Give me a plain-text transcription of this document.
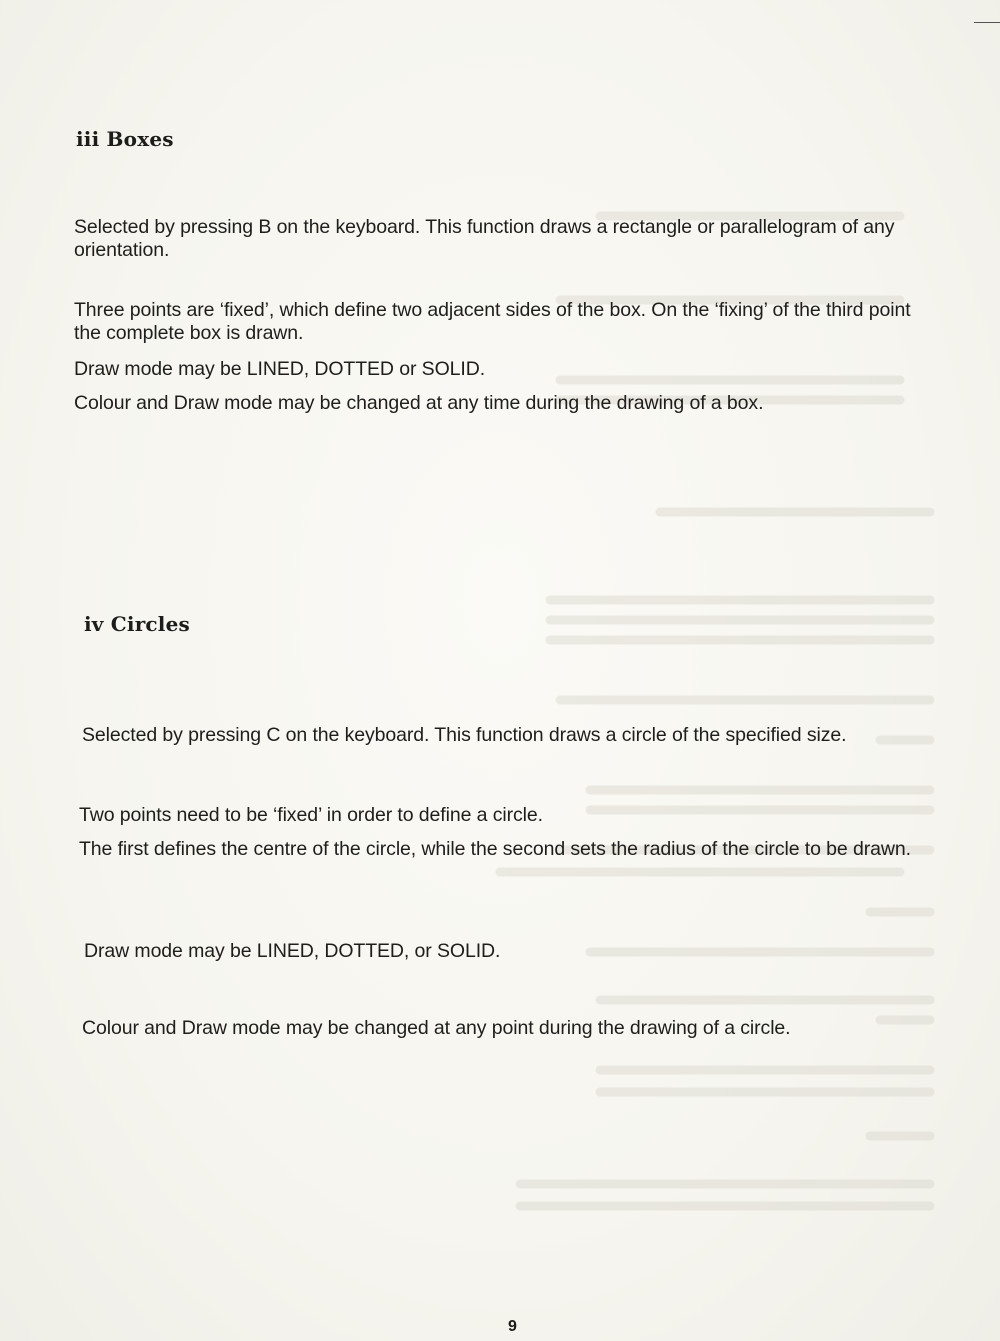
iii Boxes

Selected by pressing B on the keyboard. This function draws a rectangle or parallelogram of any orientation.

Three points are ‘fixed’, which define two adjacent sides of the box. On the ‘fixing’ of the third point the complete box is drawn.

Draw mode may be LINED, DOTTED or SOLID.

Colour and Draw mode may be changed at any time during the drawing of a box.

iv Circles

Selected by pressing C on the keyboard. This function draws a circle of the specified size.

Two points need to be ‘fixed’ in order to define a circle.

The first defines the centre of the circle, while the second sets the radius of the circle to be drawn.

Draw mode may be LINED, DOTTED, or SOLID.

Colour and Draw mode may be changed at any point during the drawing of a circle.

9
